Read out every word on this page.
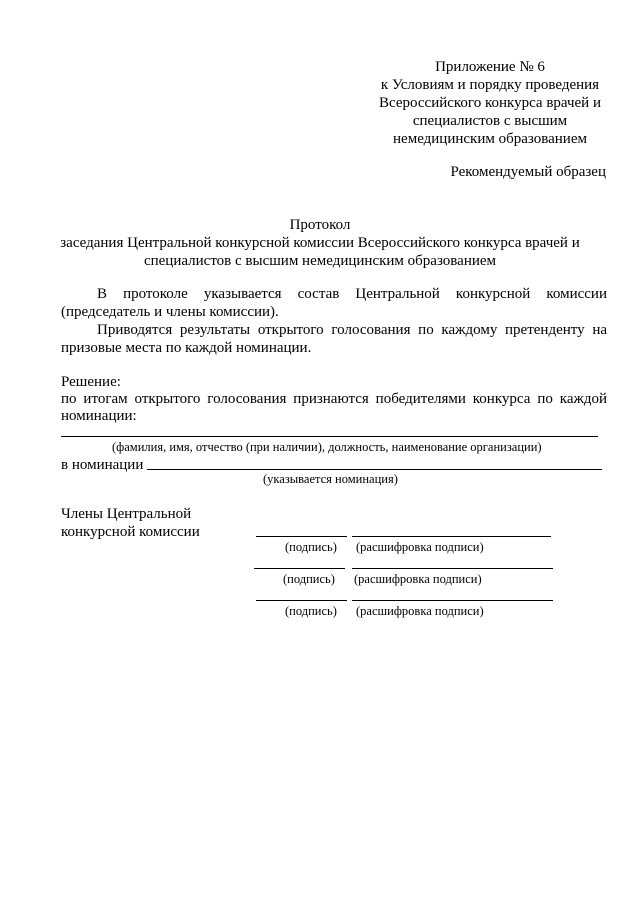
Приложение № 6
к Условиям и порядку проведения
Всероссийского конкурса врачей и
специалистов с высшим
немедицинским образованием
Рекомендуемый образец
Протокол
заседания Центральной конкурсной комиссии Всероссийского конкурса врачей и
специалистов с высшим немедицинским образованием
В протоколе указывается состав Центральной конкурсной комиссии
(председатель и члены комиссии).
Приводятся результаты открытого голосования по каждому претенденту на
призовые места по каждой номинации.
Решение:
по итогам открытого голосования признаются победителями конкурса по каждой
номинации:
(фамилия, имя, отчество (при наличии), должность, наименование организации)
в номинации
(указывается номинация)
Члены Центральной
конкурсной комиссии
(подпись) (расшифровка подписи)
(подпись) (расшифровка подписи)
(подпись) (расшифровка подписи)
